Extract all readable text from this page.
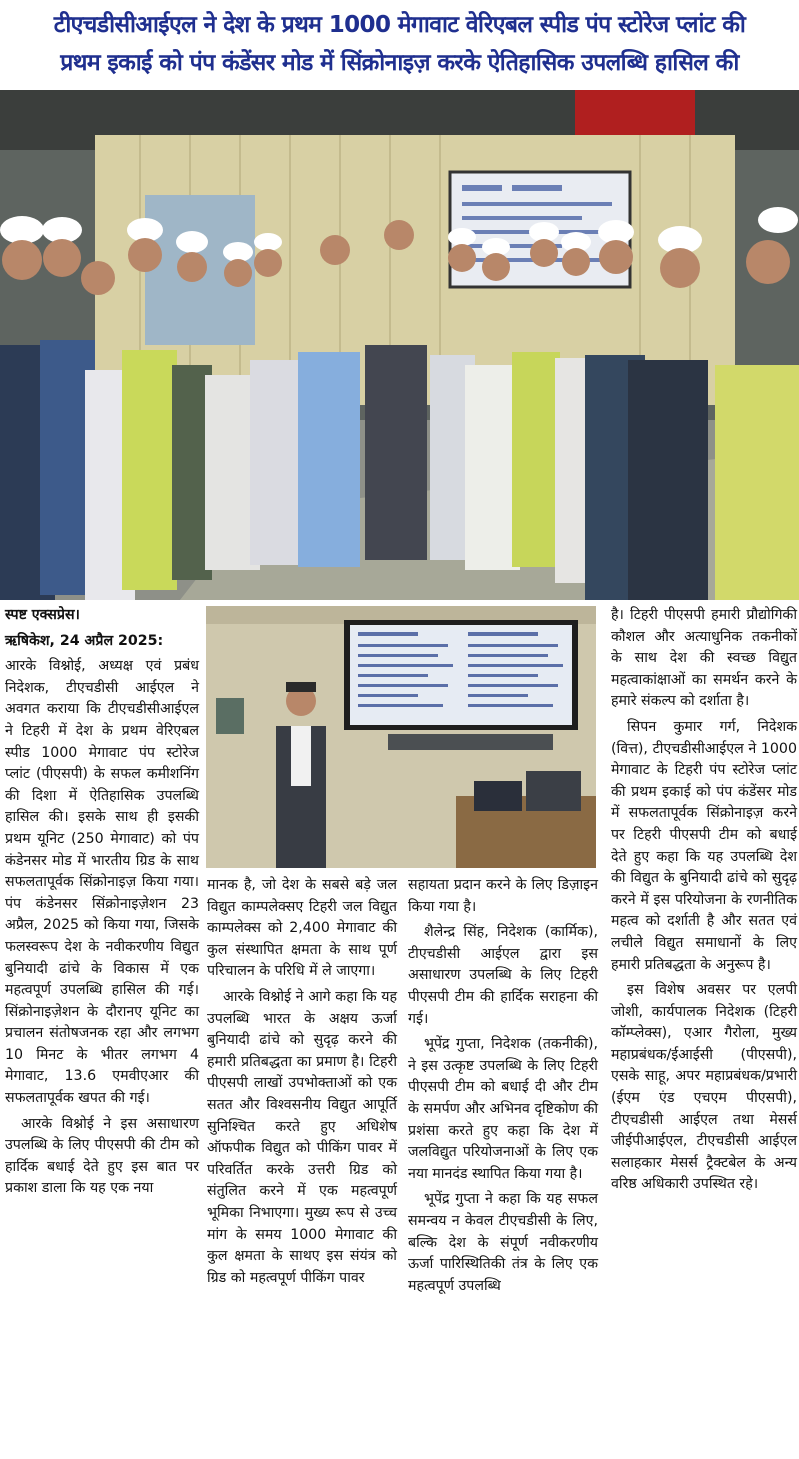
टीएचडीसीआईएल ने देश के प्रथम 1000 मेगावाट वेरिएबल स्पीड पंप स्टोरेज प्लांट की
प्रथम इकाई को पंप कंडेंसर मोड में सिंक्रोनाइज़ करके ऐतिहासिक उपलब्धि हासिल की

स्पष्ट एक्सप्रेस।

ऋषिकेश, 24 अप्रैल 2025:

आरके विश्नोई, अध्यक्ष एवं प्रबंध निदेशक, टीएचडीसी आईएल ने अवगत कराया कि टीएचडीसीआईएल ने टिहरी में देश के प्रथम वेरिएबल स्पीड 1000 मेगावाट पंप स्टोरेज प्लांट (पीएसपी) के सफल कमीशनिंग की दिशा में ऐतिहासिक उपलब्धि हासिल की। इसके साथ ही इसकी प्रथम यूनिट (250 मेगावाट) को पंप कंडेनसर मोड में भारतीय ग्रिड के साथ सफलतापूर्वक सिंक्रोनाइज़ किया गया। पंप कंडेनसर सिंक्रोनाइज़ेशन 23 अप्रैल, 2025 को किया गया, जिसके फलस्वरूप देश के नवीकरणीय विद्युत बुनियादी ढांचे के विकास में एक महत्वपूर्ण उपलब्धि हासिल की गई। सिंक्रोनाइज़ेशन के दौरानए यूनिट का प्रचालन संतोषजनक रहा और लगभग 10 मिनट के भीतर लगभग 4 मेगावाट, 13.6 एमवीएआर की सफलतापूर्वक खपत की गई।

आरके विश्नोई ने इस असाधारण उपलब्धि के लिए पीएसपी की टीम को हार्दिक बधाई देते हुए इस बात पर प्रकाश डाला कि यह एक नया

मानक है, जो देश के सबसे बड़े जल विद्युत काम्पलेक्सए टिहरी जल विद्युत काम्पलेक्स को 2,400 मेगावाट की कुल संस्थापित क्षमता के साथ पूर्ण परिचालन के परिधि में ले जाएगा।

आरके विश्नोई ने आगे कहा कि यह उपलब्धि भारत के अक्षय ऊर्जा बुनियादी ढांचे को सुदृढ़ करने की हमारी प्रतिबद्धता का प्रमाण है। टिहरी पीएसपी लाखों उपभोक्ताओं को एक सतत और विश्वसनीय विद्युत आपूर्ति सुनिश्चित करते हुए अधिशेष ऑफपीक विद्युत को पीकिंग पावर में परिवर्तित करके उत्तरी ग्रिड को संतुलित करने में एक महत्वपूर्ण भूमिका निभाएगा। मुख्य रूप से उच्च मांग के समय 1000 मेगावाट की कुल क्षमता के साथए इस संयंत्र को ग्रिड को महत्वपूर्ण पीकिंग पावर

सहायता प्रदान करने के लिए डिज़ाइन किया गया है।

शैलेन्द्र सिंह, निदेशक (कार्मिक), टीएचडीसी आईएल द्वारा इस असाधारण उपलब्धि के लिए टिहरी पीएसपी टीम की हार्दिक सराहना की गई।

भूपेंद्र गुप्ता, निदेशक (तकनीकी), ने इस उत्कृष्ट उपलब्धि के लिए टिहरी पीएसपी टीम को बधाई दी और टीम के समर्पण और अभिनव दृष्टिकोण की प्रशंसा करते हुए कहा कि देश में जलविद्युत परियोजनाओं के लिए एक नया मानदंड स्थापित किया गया है।

भूपेंद्र गुप्ता ने कहा कि यह सफल समन्वय न केवल टीएचडीसी के लिए, बल्कि देश के संपूर्ण नवीकरणीय ऊर्जा पारिस्थितिकी तंत्र के लिए एक महत्वपूर्ण उपलब्धि

है। टिहरी पीएसपी हमारी प्रौद्योगिकी कौशल और अत्याधुनिक तकनीकों के साथ देश की स्वच्छ विद्युत महत्वाकांक्षाओं का समर्थन करने के हमारे संकल्प को दर्शाता है।

सिपन कुमार गर्ग, निदेशक (वित्त), टीएचडीसीआईएल ने 1000 मेगावाट के टिहरी पंप स्टोरेज प्लांट की प्रथम इकाई को पंप कंडेंसर मोड में सफलतापूर्वक सिंक्रोनाइज़ करने पर टिहरी पीएसपी टीम को बधाई देते हुए कहा कि यह उपलब्धि देश की विद्युत के बुनियादी ढांचे को सुदृढ़ करने में इस परियोजना के रणनीतिक महत्व को दर्शाती है और सतत एवं लचीले विद्युत समाधानों के लिए हमारी प्रतिबद्धता के अनुरूप है।

इस विशेष अवसर पर एलपी जोशी, कार्यपालक निदेशक (टिहरी कॉम्प्लेक्स), एआर गैरोला, मुख्य महाप्रबंधक/ईआईसी (पीएसपी), एसके साहू, अपर महाप्रबंधक/प्रभारी (ईएम एंड एचएम पीएसपी), टीएचडीसी आईएल तथा मेसर्स जीईपीआईएल, टीएचडीसी आईएल सलाहकार मेसर्स ट्रैक्टबेल के अन्य वरिष्ठ अधिकारी उपस्थित रहे।
